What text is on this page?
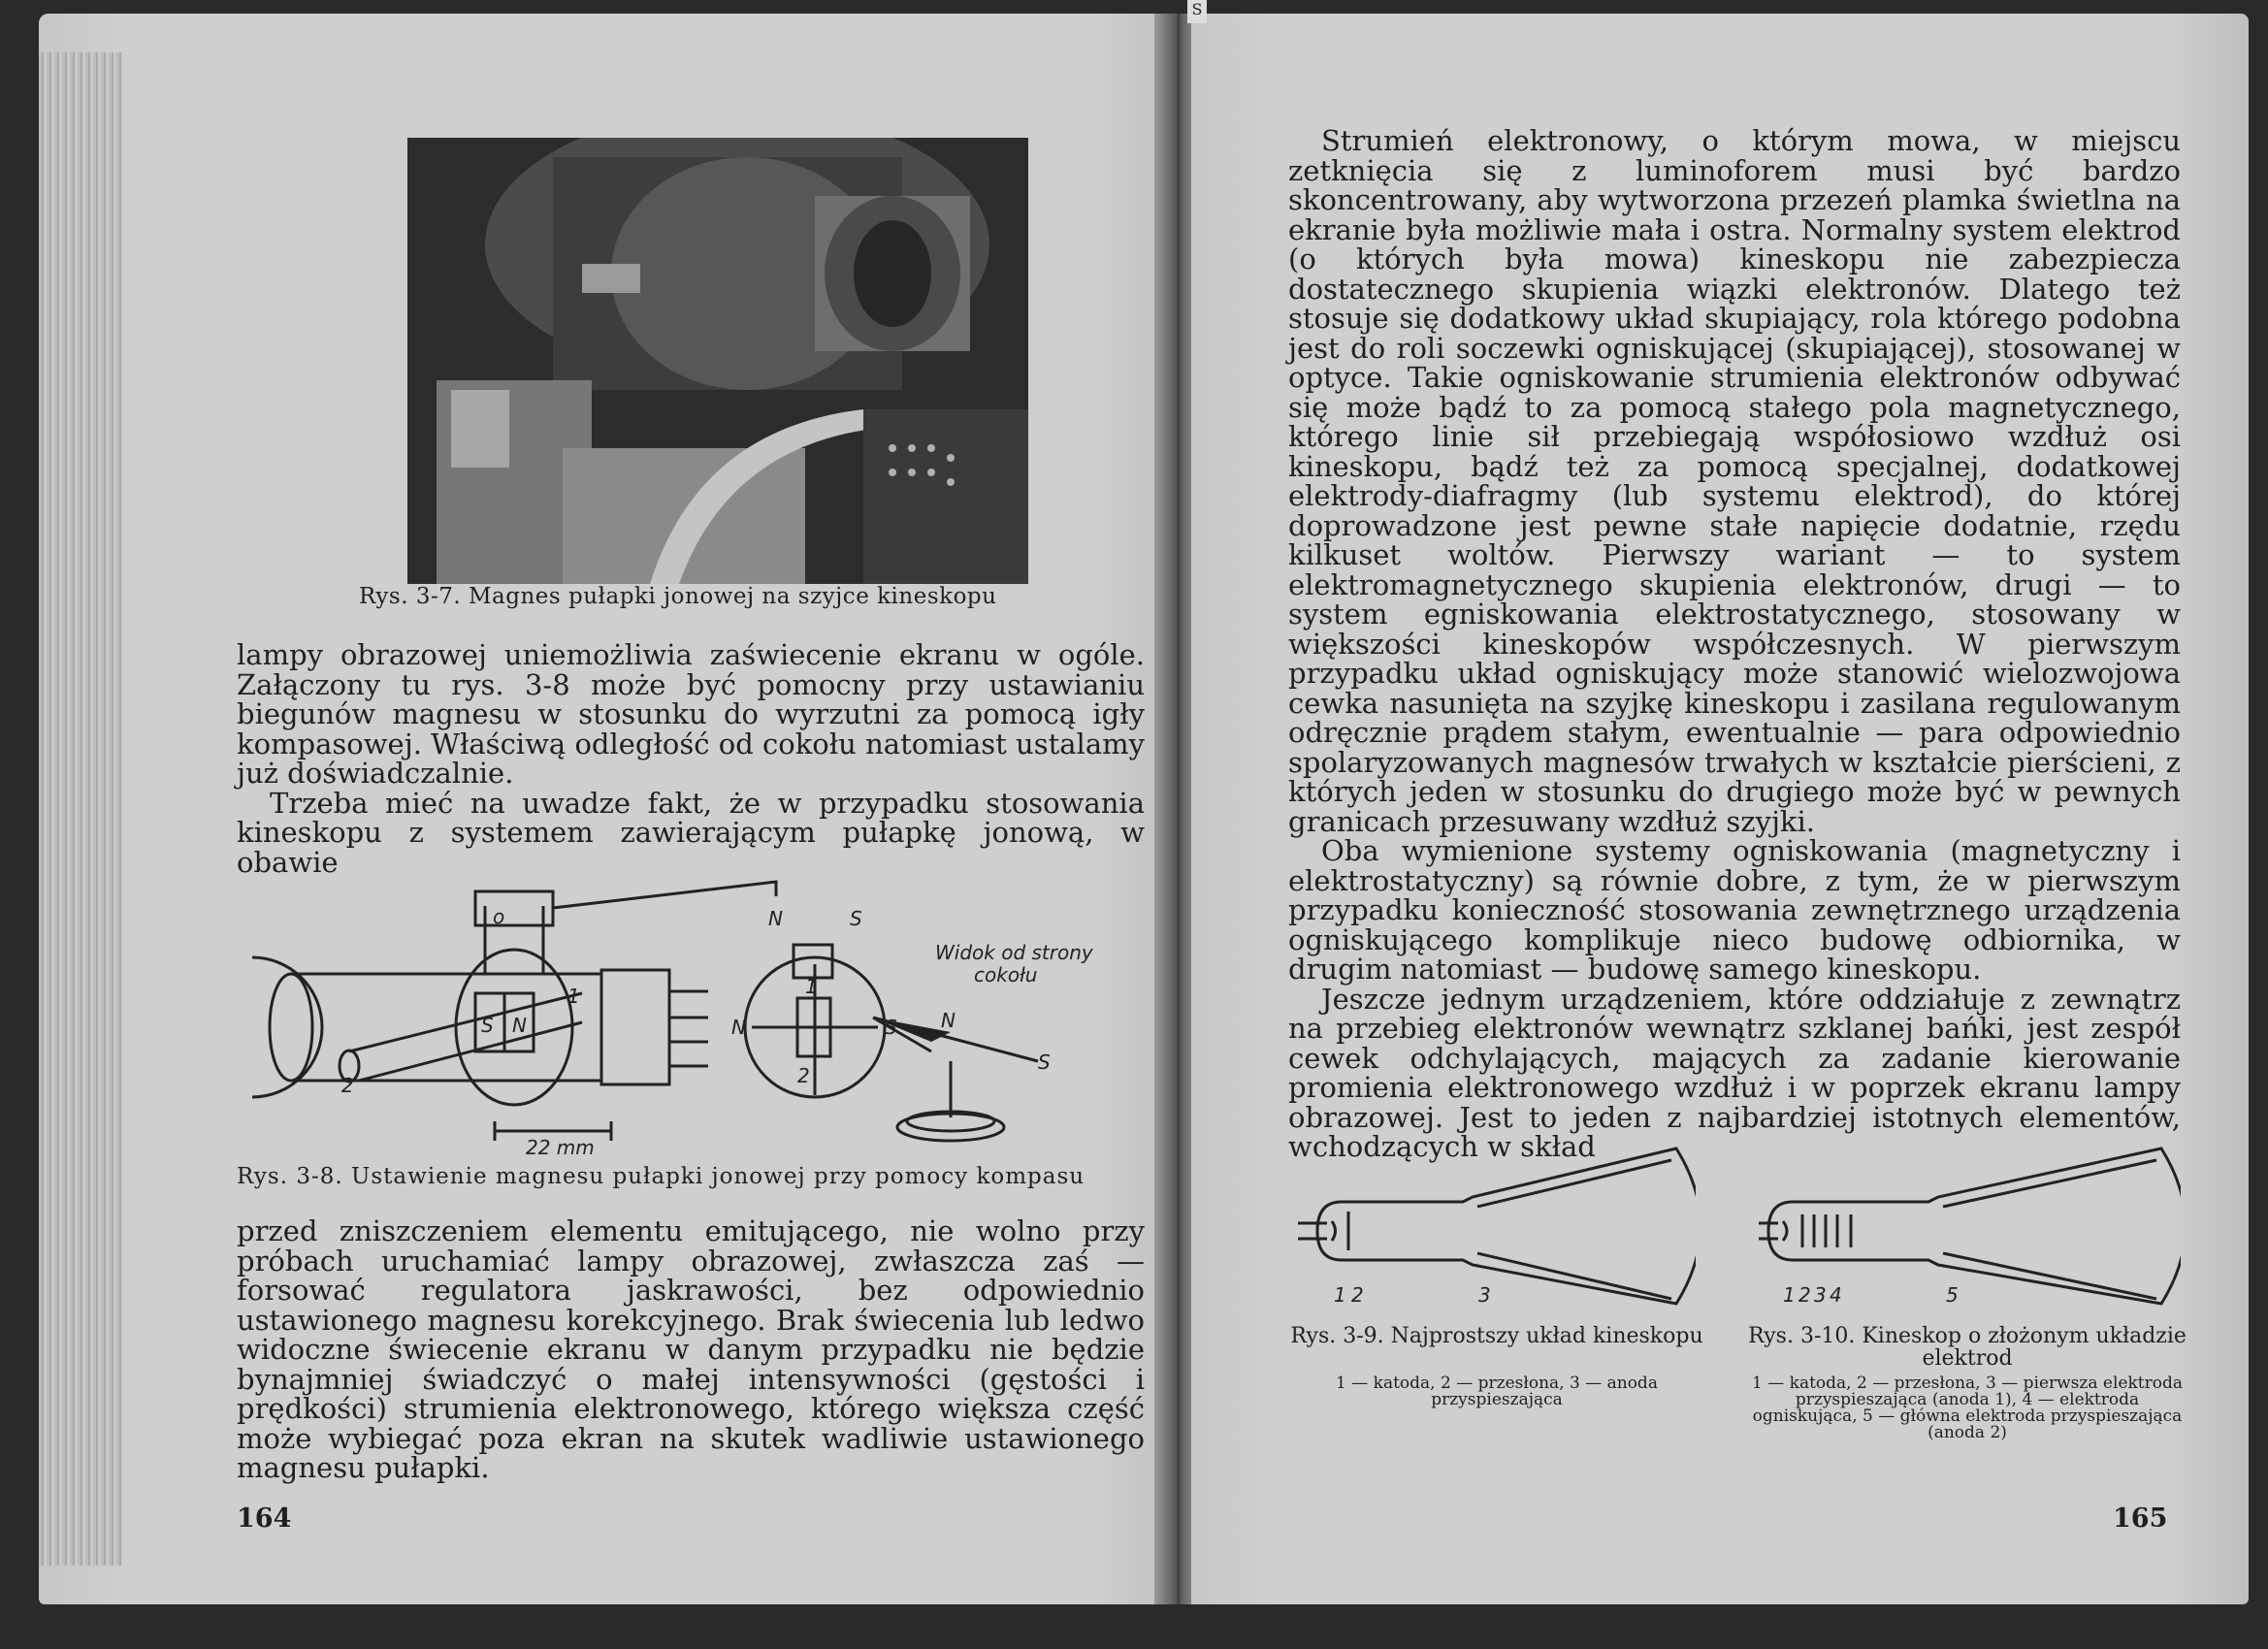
Rys. 3-7. Magnes pułapki jonowej na szyjce kineskopu

lampy obrazowej uniemożliwia zaświecenie ekranu w ogóle. Załączony tu rys. 3-8 może być pomocny przy ustawianiu biegunów magnesu w stosunku do wyrzutni za pomocą igły kompasowej. Właściwą odległość od cokołu natomiast ustalamy już doświadczalnie.

Trzeba mieć na uwadze fakt, że w przypadku stosowania kineskopu z systemem zawierającym pułapkę jonową, w obawie

o
S N
1
2
22 mm
N	S
N	S
1
2
Widok od strony
cokołu
N
S
Rys. 3-8. Ustawienie magnesu pułapki jonowej przy pomocy kompasu

przed zniszczeniem elementu emitującego, nie wolno przy próbach uruchamiać lampy obrazowej, zwłaszcza zaś — forsować regulatora jaskrawości, bez odpowiednio ustawionego magnesu korekcyjnego. Brak świecenia lub ledwo widoczne świecenie ekranu w danym przypadku nie będzie bynajmniej świadczyć o małej intensywności (gęstości i prędkości) strumienia elektronowego, którego większa część może wybiegać poza ekran na skutek wadliwie ustawionego magnesu pułapki.

164
S

Strumień elektronowy, o którym mowa, w miejscu zetknięcia się z luminoforem musi być bardzo skoncentrowany, aby wytworzona przezeń plamka świetlna na ekranie była możliwie mała i ostra. Normalny system elektrod (o których była mowa) kineskopu nie zabezpiecza dostatecznego skupienia wiązki elektronów. Dlatego też stosuje się dodatkowy układ skupiający, rola którego podobna jest do roli soczewki ogniskującej (skupiającej), stosowanej w optyce. Takie ogniskowanie strumienia elektronów odbywać się może bądź to za pomocą stałego pola magnetycznego, którego linie sił przebiegają współosiowo wzdłuż osi kineskopu, bądź też za pomocą specjalnej, dodatkowej elektrody-diafragmy (lub systemu elektrod), do której doprowadzone jest pewne stałe napięcie dodatnie, rzędu kilkuset woltów. Pierwszy wariant — to system elektromagnetycznego skupienia elektronów, drugi — to system egniskowania elektrostatycznego, stosowany w większości kineskopów współczesnych. W pierwszym przypadku układ ogniskujący może stanowić wielozwojowa cewka nasunięta na szyjkę kineskopu i zasilana regulowanym odręcznie prądem stałym, ewentualnie — para odpowiednio spolaryzowanych magnesów trwałych w kształcie pierścieni, z których jeden w stosunku do drugiego może być w pewnych granicach przesuwany wzdłuż szyjki.

Oba wymienione systemy ogniskowania (magnetyczny i elektrostatyczny) są równie dobre, z tym, że w pierwszym przypadku konieczność stosowania zewnętrznego urządzenia ogniskującego komplikuje nieco budowę odbiornika, w drugim natomiast — budowę samego kineskopu.

Jeszcze jednym urządzeniem, które oddziałuje z zewnątrz na przebieg elektronów wewnątrz szklanej bańki, jest zespół cewek odchylających, mających za zadanie kierowanie promienia elektronowego wzdłuż i w poprzek ekranu lampy obrazowej. Jest to jeden z najbardziej istotnych elementów, wchodzących w skład

1 2	3	1 2 3 4	5
Rys. 3-9. Najprostszy układ kineskopu
1 — katoda, 2 — przesłona, 3 — anoda przyspieszająca
Rys. 3-10. Kineskop o złożonym układzie elektrod
1 — katoda, 2 — przesłona, 3 — pierwsza elektroda przyspieszająca (anoda 1), 4 — elektroda ogniskująca, 5 — główna elektroda przyspieszająca (anoda 2)
165
